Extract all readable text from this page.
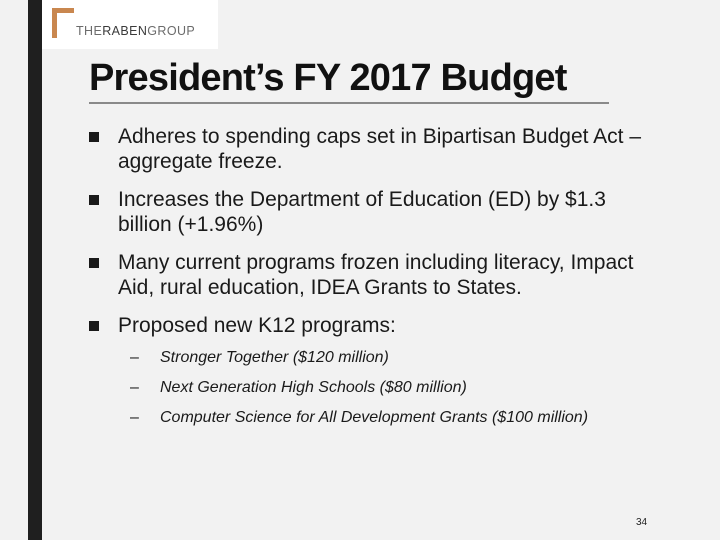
THERABENGROUP
President’s FY 2017 Budget
Adheres to spending caps set in Bipartisan Budget Act – aggregate freeze.
Increases the Department of Education (ED) by $1.3 billion (+1.96%)
Many current programs frozen including literacy, Impact Aid, rural education, IDEA Grants to States.
Proposed new K12 programs:
– Stronger Together ($120 million)
– Next Generation High Schools ($80 million)
– Computer Science for All Development Grants ($100 million)
34
